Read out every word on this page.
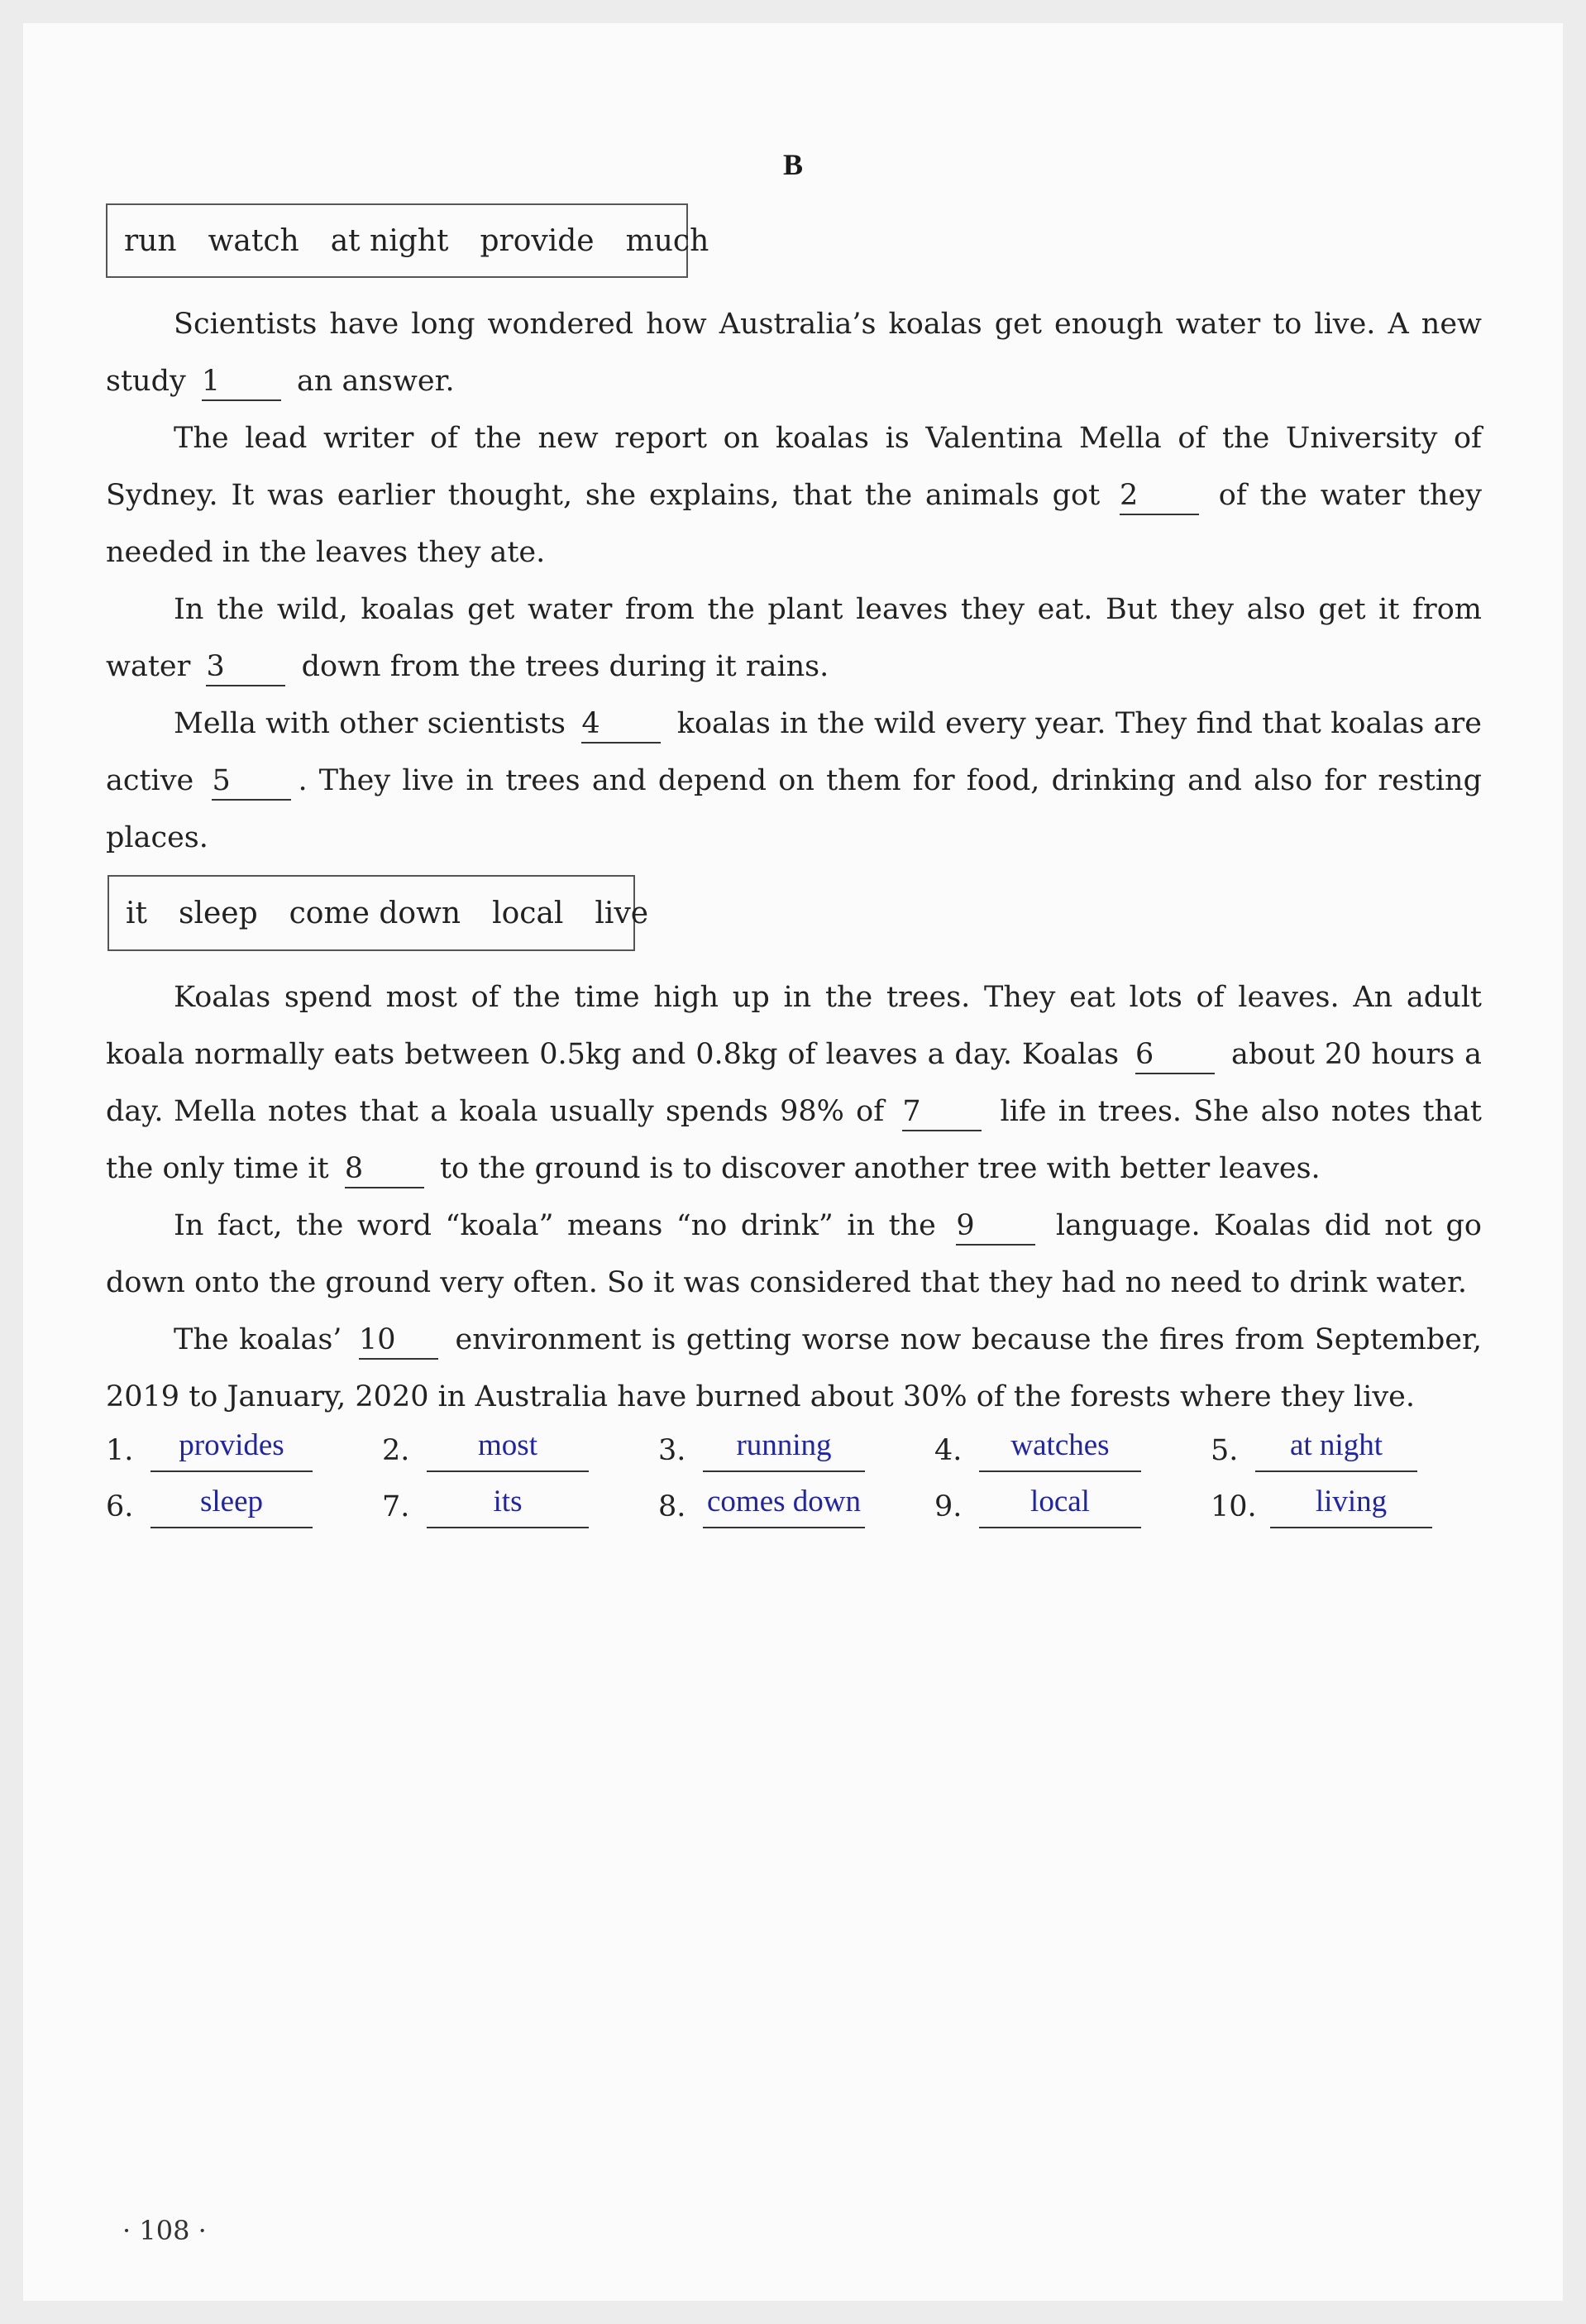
B
run watch at night provide much

Scientists have long wondered how Australia’s koalas get enough water to live. A new study 1 an answer.

The lead writer of the new report on koalas is Valentina Mella of the University of Sydney. It was earlier thought, she explains, that the animals got 2 of the water they needed in the leaves they ate.

In the wild, koalas get water from the plant leaves they eat. But they also get it from water 3 down from the trees during it rains.

Mella with other scientists 4 koalas in the wild every year. They find that koalas are active 5 . They live in trees and depend on them for food, drinking and also for resting places.

it sleep come down local live

Koalas spend most of the time high up in the trees. They eat lots of leaves. An adult koala normally eats between 0.5kg and 0.8kg of leaves a day. Koalas 6 about 20 hours a day. Mella notes that a koala usually spends 98% of 7 life in trees. She also notes that the only time it 8 to the ground is to discover another tree with better leaves.

In fact, the word “koala” means “no drink” in the 9 language. Koalas did not go down onto the ground very often. So it was considered that they had no need to drink water.

The koalas’ 10 environment is getting worse now because the fires from September, 2019 to January, 2020 in Australia have burned about 30% of the forests where they live.

1.	provides	2.	most	3.	running	4.	watches	5.	at night
6.	sleep	7.	its	8. comes down	9.	local	10.	living
· 108 ·
